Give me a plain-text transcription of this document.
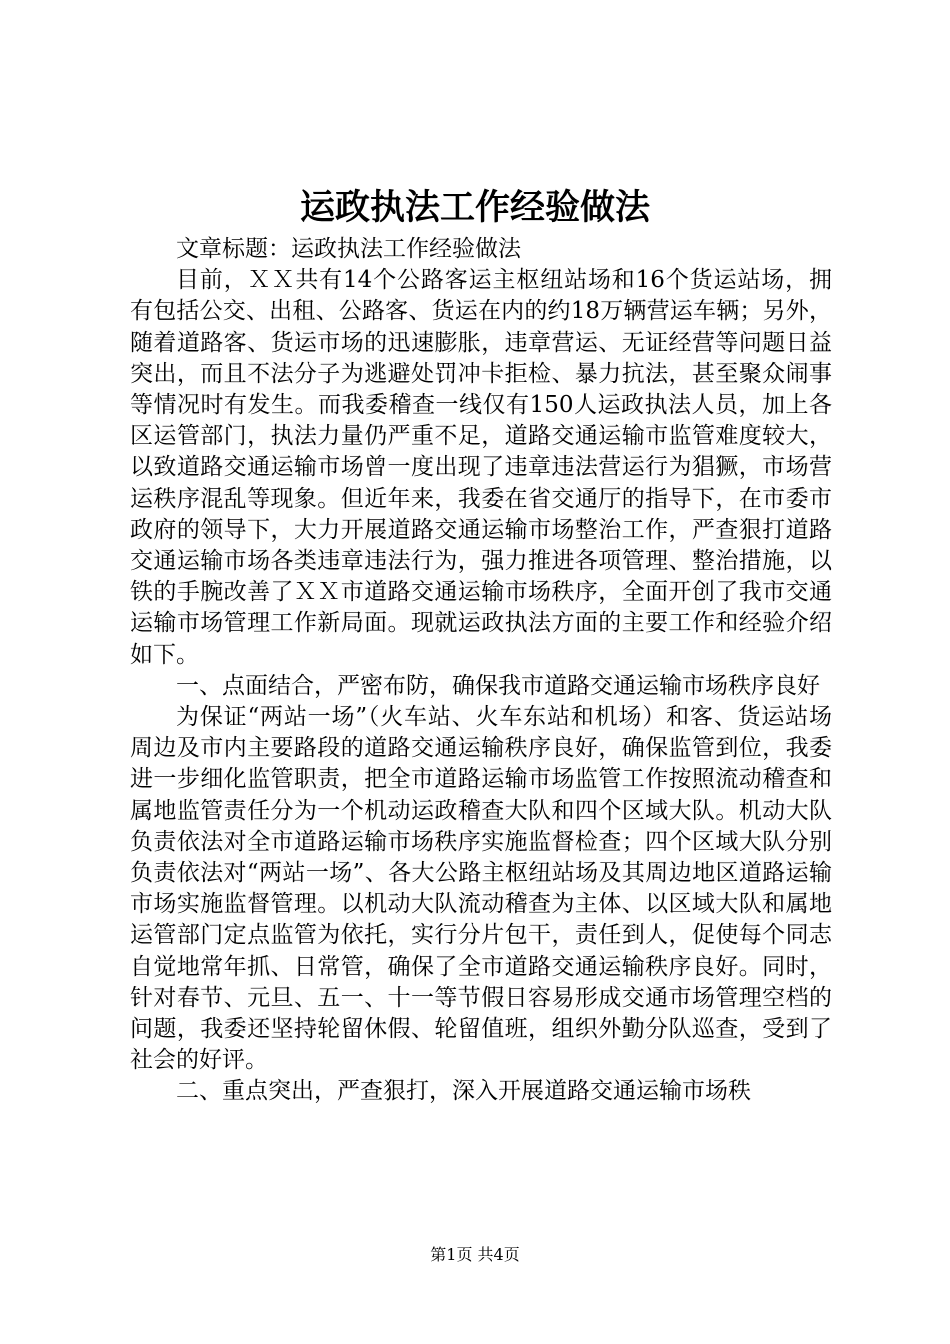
运政执法工作经验做法

文章标题：运政执法工作经验做法

目前，ＸＸ共有14个公路客运主枢纽站场和16个货运站场，拥有包括公交、出租、公路客、货运在内的约18万辆营运车辆；另外，随着道路客、货运市场的迅速膨胀，违章营运、无证经营等问题日益突出，而且不法分子为逃避处罚冲卡拒检、暴力抗法，甚至聚众闹事等情况时有发生。而我委稽查一线仅有150人运政执法人员，加上各区运管部门，执法力量仍严重不足，道路交通运输市监管难度较大，以致道路交通运输市场曾一度出现了违章违法营运行为猖獗，市场营运秩序混乱等现象。但近年来，我委在省交通厅的指导下，在市委市政府的领导下，大力开展道路交通运输市场整治工作，严查狠打道路交通运输市场各类违章违法行为，强力推进各项管理、整治措施，以铁的手腕改善了ＸＸ市道路交通运输市场秩序，全面开创了我市交通运输市场管理工作新局面。现就运政执法方面的主要工作和经验介绍如下。

一、点面结合，严密布防，确保我市道路交通运输市场秩序良好

为保证“两站一场”（火车站、火车东站和机场）和客、货运站场周边及市内主要路段的道路交通运输秩序良好，确保监管到位，我委进一步细化监管职责，把全市道路运输市场监管工作按照流动稽查和属地监管责任分为一个机动运政稽查大队和四个区域大队。机动大队负责依法对全市道路运输市场秩序实施监督检查；四个区域大队分别负责依法对“两站一场”、各大公路主枢纽站场及其周边地区道路运输市场实施监督管理。以机动大队流动稽查为主体、以区域大队和属地运管部门定点监管为依托，实行分片包干，责任到人，促使每个同志自觉地常年抓、日常管，确保了全市道路交通运输秩序良好。同时，针对春节、元旦、五一、十一等节假日容易形成交通市场管理空档的问题，我委还坚持轮留休假、轮留值班，组织外勤分队巡查，受到了社会的好评。

二、重点突出，严查狠打，深入开展道路交通运输市场秩

第1页 共4页
